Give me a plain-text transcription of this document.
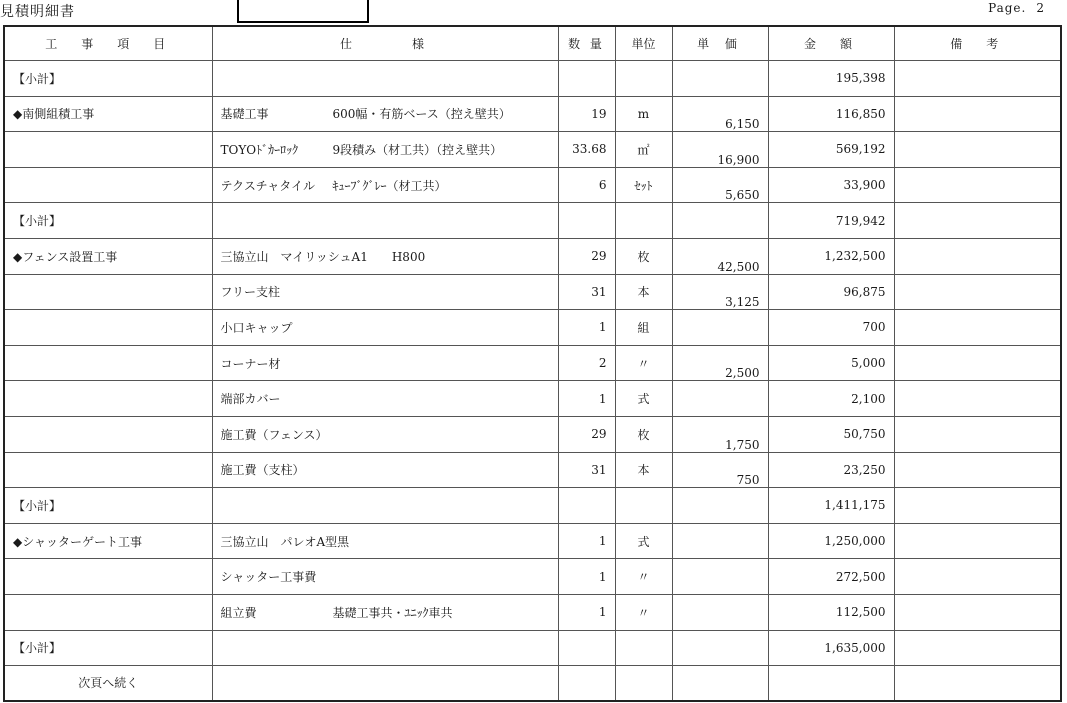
見積明細書	Page. 2
工　事　項　目	仕　　　様	数 量	単位	単 価	金　額	備　考
【小計】					195,398	
◆南側組積工事	基礎工事 600幅・有筋ベース（控え壁共）	19	m	6,150	116,850	
	TOYOﾄﾞｶｰﾛｯｸ 9段積み（材工共）（控え壁共）	33.68	㎡	16,900	569,192	
	テクスチャタイル ｷｭｰﾌﾞｸﾞﾚｰ（材工共）	6	ｾｯﾄ	5,650	33,900	
【小計】					719,942	
◆フェンス設置工事	三協立山　マイリッシュA1　　H800	29	枚	42,500	1,232,500	
	フリー支柱	31	本	3,125	96,875	
	小口キャップ	1	組		700	
	コーナー材	2	〃	2,500	5,000	
	端部カバー	1	式		2,100	
	施工費（フェンス）	29	枚	1,750	50,750	
	施工費（支柱）	31	本	750	23,250	
【小計】					1,411,175	
◆シャッターゲート工事	三協立山　パレオA型黒	1	式		1,250,000	
	シャッター工事費	1	〃		272,500	
	組立費 基礎工事共・ﾕﾆｯｸ車共	1	〃		112,500	
【小計】					1,635,000	
次頁へ続く						
